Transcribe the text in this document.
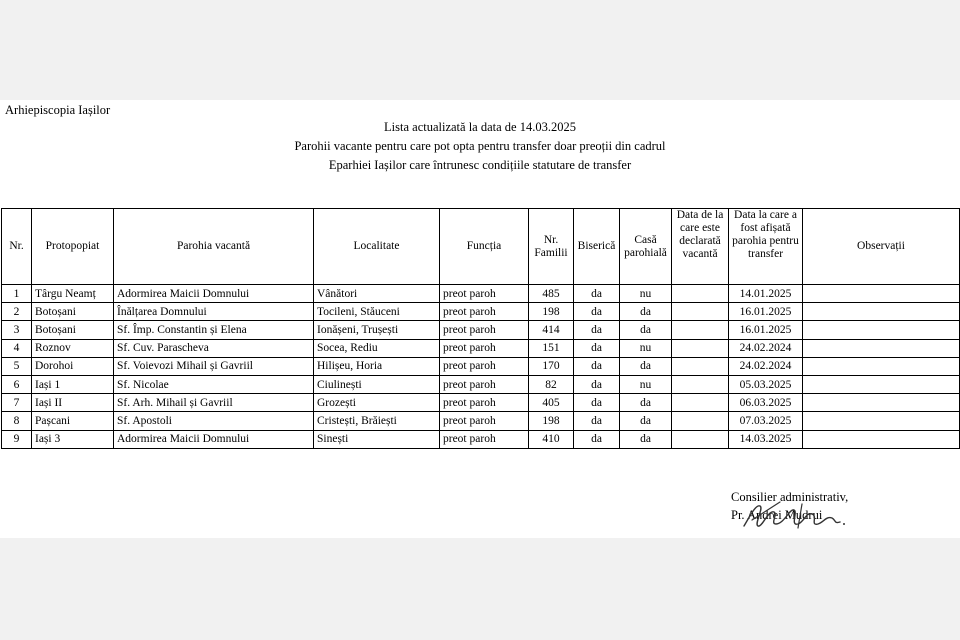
Arhiepiscopia Iașilor
Lista actualizată la data de 14.03.2025
Parohii vacante pentru care pot opta pentru transfer doar preoții din cadrul
Eparhiei Iașilor care întrunesc condițiile statutare de transfer
Nr.	Protopopiat	Parohia vacantă	Localitate	Funcția	Nr. Familii	Biserică	Casă parohială	Data de la care este declarată vacantă	Data la care a fost afișată parohia pentru transfer	Observații
1	Târgu Neamț	Adormirea Maicii Domnului	Vânători	preot paroh	485	da	nu		14.01.2025	
2	Botoșani	Înălțarea Domnului	Tocileni, Stăuceni	preot paroh	198	da	da		16.01.2025	
3	Botoșani	Sf. Împ. Constantin și Elena	Ionășeni, Trușești	preot paroh	414	da	da		16.01.2025	
4	Roznov	Sf. Cuv. Parascheva	Socea, Rediu	preot paroh	151	da	nu		24.02.2024	
5	Dorohoi	Sf. Voievozi Mihail și Gavriil	Hilișeu, Horia	preot paroh	170	da	da		24.02.2024	
6	Iași 1	Sf. Nicolae	Ciulinești	preot paroh	82	da	nu		05.03.2025	
7	Iași II	Sf. Arh. Mihail și Gavriil	Grozești	preot paroh	405	da	da		06.03.2025	
8	Pașcani	Sf. Apostoli	Cristești, Brăiești	preot paroh	198	da	da		07.03.2025	
9	Iași 3	Adormirea Maicii Domnului	Sinești	preot paroh	410	da	da		14.03.2025	
Consilier administrativ,
Pr. Andrei Mudrui
